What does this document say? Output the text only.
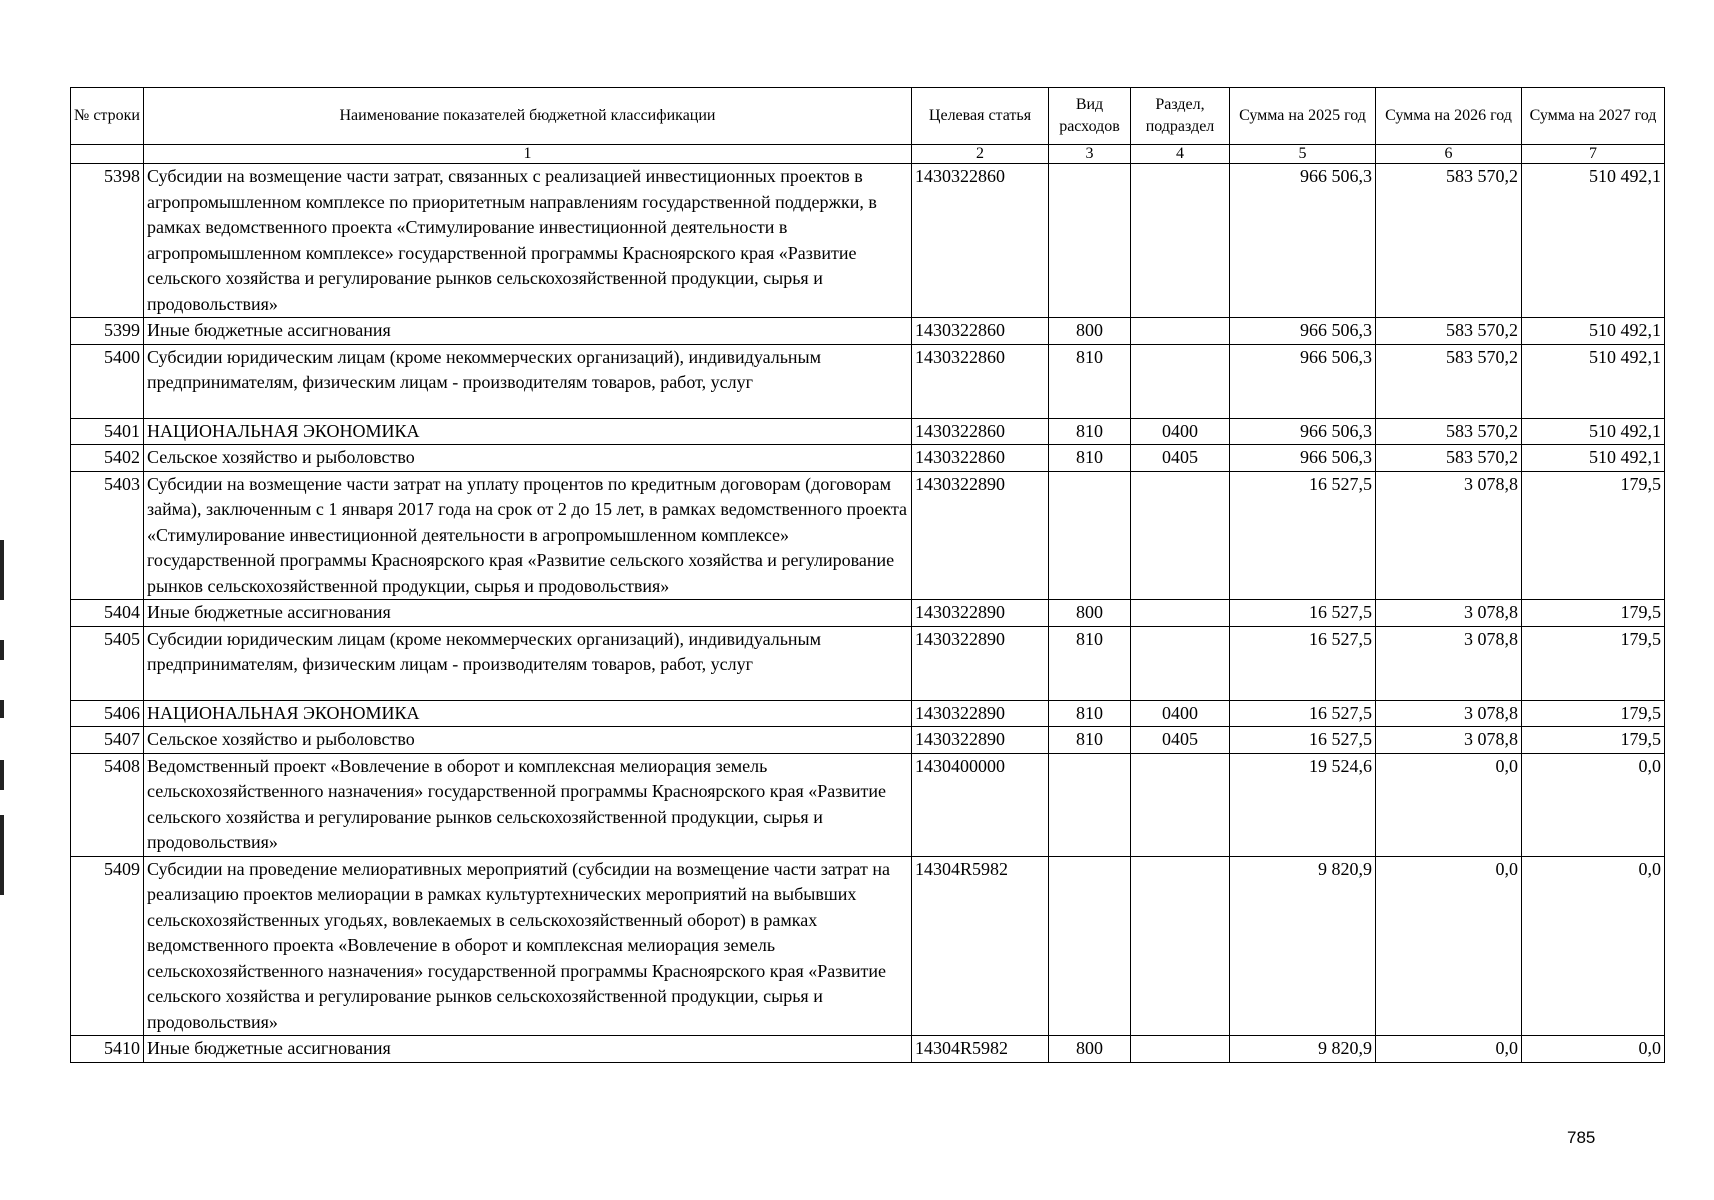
№ строки	Наименование показателей бюджетной классификации	Целевая статья	Вид расходов	Раздел, подраздел	Сумма на 2025 год	Сумма на 2026 год	Сумма на 2027 год
	1	2	3	4	5	6	7
5398	Субсидии на возмещение части затрат, связанных с реализацией инвестиционных проектов в агропромышленном комплексе по приоритетным направлениям государственной поддержки, в рамках ведомственного проекта «Стимулирование инвестиционной деятельности в агропромышленном комплексе» государственной программы Красноярского края «Развитие сельского хозяйства и регулирование рынков сельскохозяйственной продукции, сырья и продовольствия»	1430322860			966 506,3	583 570,2	510 492,1
5399	Иные бюджетные ассигнования	1430322860	800		966 506,3	583 570,2	510 492,1
5400	Субсидии юридическим лицам (кроме некоммерческих организаций), индивидуальным предпринимателям, физическим лицам - производителям товаров, работ, услуг	1430322860	810		966 506,3	583 570,2	510 492,1
5401	НАЦИОНАЛЬНАЯ ЭКОНОМИКА	1430322860	810	0400	966 506,3	583 570,2	510 492,1
5402	Сельское хозяйство и рыболовство	1430322860	810	0405	966 506,3	583 570,2	510 492,1
5403	Субсидии на возмещение части затрат на уплату процентов по кредитным договорам (договорам займа), заключенным с 1 января 2017 года на срок от 2 до 15 лет, в рамках ведомственного проекта «Стимулирование инвестиционной деятельности в агропромышленном комплексе» государственной программы Красноярского края «Развитие сельского хозяйства и регулирование рынков сельскохозяйственной продукции, сырья и продовольствия»	1430322890			16 527,5	3 078,8	179,5
5404	Иные бюджетные ассигнования	1430322890	800		16 527,5	3 078,8	179,5
5405	Субсидии юридическим лицам (кроме некоммерческих организаций), индивидуальным предпринимателям, физическим лицам - производителям товаров, работ, услуг	1430322890	810		16 527,5	3 078,8	179,5
5406	НАЦИОНАЛЬНАЯ ЭКОНОМИКА	1430322890	810	0400	16 527,5	3 078,8	179,5
5407	Сельское хозяйство и рыболовство	1430322890	810	0405	16 527,5	3 078,8	179,5
5408	Ведомственный проект «Вовлечение в оборот и комплексная мелиорация земель сельскохозяйственного назначения» государственной программы Красноярского края «Развитие сельского хозяйства и регулирование рынков сельскохозяйственной продукции, сырья и продовольствия»	1430400000			19 524,6	0,0	0,0
5409	Субсидии на проведение мелиоративных мероприятий (субсидии на возмещение части затрат на реализацию проектов мелиорации в рамках культуртехнических мероприятий на выбывших сельскохозяйственных угодьях, вовлекаемых в сельскохозяйственный оборот) в рамках ведомственного проекта «Вовлечение в оборот и комплексная мелиорация земель сельскохозяйственного назначения» государственной программы Красноярского края «Развитие сельского хозяйства и регулирование рынков сельскохозяйственной продукции, сырья и продовольствия»	14304R5982			9 820,9	0,0	0,0
5410	Иные бюджетные ассигнования	14304R5982	800		9 820,9	0,0	0,0
785
